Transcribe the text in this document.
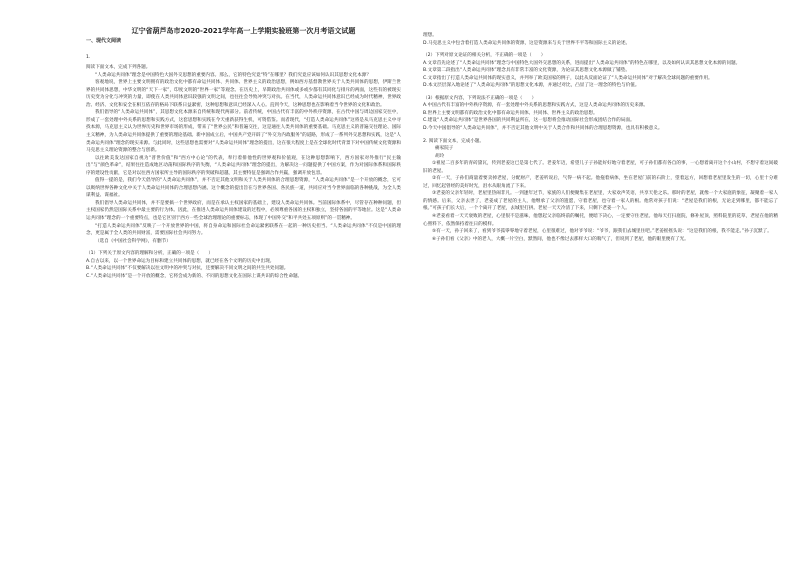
辽宁省葫芦岛市2020-2021学年高一上学期实验班第一次月考语文试题
一、现代文阅读
1.

阅读下面文本，完成下列各题。

“人类命运共同体”理念是中国特色大国外交思想的重要内容。那么，它的特色究竟“特”在哪里？我们究竟应该如何认识其思想文化本源？

客观地说，世界上主要文明拥有的政治文化中都有命运共同体、共同体、世界主义的政治思想，例如西方基督教世界关于人类共同体的思想，伊斯兰世界的共同体思想，中华文明的“天下一家”，印度文明的“世界一家”等观念。在历史上，早期政治共同体或多或少都有其同化与排斥的两面，这些有的被现实历史变为分化与冲突的力量，即使在人类共同体意识较强的文明之间，也往往会导致冲突与对抗。在当代，人类命运共同体意识已经成为时代精神，世界政治、经济、文化和安全在相互依存的格局下联系日益紧密，这种思想和意识已经深入人心。直到今天，这种思想也在影响着当今世界的文化和政治。

我们倡导的“人类命运共同体”，其思想文化本源来自传统和现代两部分。前者传统，中国古代有丰富的中外秩序资源，在古代中国与周边国家交往中，形成了一套处理中外关系的思想和实践方式，这套思想和实践在今天重新获得生机，可资借鉴。而者现代，“打造人类命运共同体”这将是从马克思主义中寻找本源，马克思主义认为世界历史和世界市场的形成，带来了“世界公民”和普遍交往，这是通往人类共同体的重要基础。马克思主义的普遍交往理论、国际主义精神，为人类命运共同体提供了重要的理论基础。新中国成立后，中国共产党开辟了“外交为内政服务”的道路，形成了一系列外交思想和实践，这是“人类命运共同体”理念的现实来源。与此同时，这些思想也需要对“人类命运共同体”理念的提出，这在很大程度上是在全球化时代背景下对中国传统文化资源和马克思主义理论资源的整合与创新。

以往欧美发达国家自视为“普世价值”和“西方中心论”的代表，奉行着排他性的世界观和价值观，在这种思想影响下，西方国家对外推行“民主输出”与“颜色革命”，结果往往造成地区动荡和国际秩序的失衡，“人类命运共同体”理念的提出，为解决这一问题提供了中国方案，作为对国际体系和国际秩序的建设性贡献，它是对以往西方国家所主导的国际秩序的突破和超越，其主要特征是强调合作共赢，强调开放包容。

值得一提的是，我们今天倡导的“人类命运共同体”，并不否定其他文明和关于人类共同体的合理思想资源，“人类命运共同体”是一个开放的概念，它可以吸纳世界各种文化中关于人类命运共同体的合理思想内涵。这个概念的提出旨在与世界各国、各民族一道，共同应对当今世界面临的各种挑战，为全人类谋利益、谋福祉。

我们倡导人类命运共同体，并不是要搞一个世界政府，而是在承认主权国家的基础上，建设人类命运共同体。当前国际体系中，尽管存在种种问题，但主权国家仍然是国际关系中最主要的行为体。因此，在推进人类命运共同体建设的过程中，必须尊重各国的主权和独立，坚持各国的平等地位。这是“人类命运共同体”理念的一个重要特点，也是它区别于西方一些全球治理理论的重要标志，体现了中国外交“和平共处五项原则”的一贯精神。

“打造人类命运共同体”反映了一个开放世界的中国，将自身命运和国际社会命运紧密联系在一起的一种历史担当。“人类命运共同体”不仅是中国的理念，更是属于全人类的共同财富，需要国际社会共同努力。

（选自《中国社会科学网》，有删节）

（1）下列关于原文内容的理解和分析，正确的一项是（　　）

A.自古以来，以一个世界命运为目标和建立共同体的思想，就已经在各个文明的历史中出现。

B.“人类命运共同体”不仅要解决以往文明中的冲突与对抗，还要解决不同文明之间的共生共处问题。

C.“人类命运共同体”是一个开放的概念，它将会成为新的、不同的思想文化在国际上谋共识的综合性命题。

理想。

D.马克思主义中包含着打造人类命运共同体的资源，这是资源来与关于世界不平等和国际主义的论述。

（2）下列对原文论证的相关分析，不正确的一项是（　　）

A.文章首先论述了“人类命运共同体”理念与中国特色大国外交思想的关系，进而提出“人类命运共同体”的特色在哪里，以及如何认识其思想文化本源的问题。

B.文章第二段指出“人类命运共同体”理念具有非常丰富的文化资源，为论证其思想文化本源做了铺垫。

C.文章指出了打造人类命运共同体的现实意义，并列举了欧美国家的例子，以此从反面论证了“人类命运共同体”对于解决全球问题的重要作用。

D.本文层层深入地论述了“人类命运共同体”的思想文化本源，并通过对比，凸显了这一理念的特色与价值。

（3）根据原文内容，下列说法不正确的一项是（　　）

A.中国古代有丰富的中外秩序资源，有一套处理中外关系的思想和实践方式，这是人类命运共同体的历史来源。

B.世界上主要文明都有的政治文化中都有命运共同体、共同体、世界主义的政治思想。

C.建设“人类命运共同体”是世界各国的共同利益所在，这一思想将会推动国际社会形成团结合作的局面。

D.今天中国倡导的“人类命运共同体”，并不否定其他文明中关于人类合作和共同体的合理思想资源，也具有积极意义。

2. 阅读下面文本，完成小题。

痛家院子

胡玲

①祖屋二百多年的青砖黛瓦，传到老姜这已是第七代了。老姜年迈，希望儿子子孙能好好地守着老屋，可子孙们都有各自的事，一心想着离开这个小山村，不想守着这间破旧的老屋。

②有一天，子孙们商量着要卖掉老屋，分配财产，老姜听说后，气得一病不起。他拖着病体，坐在老屋门前的石阶上，望着远方，回想着老屋里发生的一切，心里十分难过，回忆起曾经的美好时光，泪水从眼角流了下来。

③老姜的父亲年轻时，老屋里热闹非凡。一到逢年过节，家族的人们便聚集在老屋里，大家欢声笑语，共享天伦之乐。那时的老屋，就像一个大家庭的象征，凝聚着一家人的情感。后来，父亲去世了，老姜成了老屋的主人，他继承了父亲的遗愿，守着老屋，也守着一家人的根。他常对孩子们说：“老屋是我们的根，无论走到哪里，都不能忘了根。”可孩子们长大后，一个个离开了老屋，去城里打拼。老屋一天天冷清了下来，只剩下老姜一个人。

④老姜看着一天天衰败的老屋，心里很不是滋味，他想起父亲临终前的嘱托，便暗下决心，一定要守住老屋。他每天打扫庭院，修补屋顶，照料院里的花草，老屋在他的精心照料下，依然保持着往日的模样。

⑤有一天，孙子回来了，看到爷爷孤零零地守着老屋，心里很难过，他对爷爷说：“爷爷，跟我们去城里住吧。”老姜摇摇头说：“这是我们的根，我不能走。”孙子沉默了。

⑥子孙们看《父亲》中的老人，大概一片空白，默然间，他也不像过去那样大口的喘气了，但说到了老屋，他的眼里便有了光。
